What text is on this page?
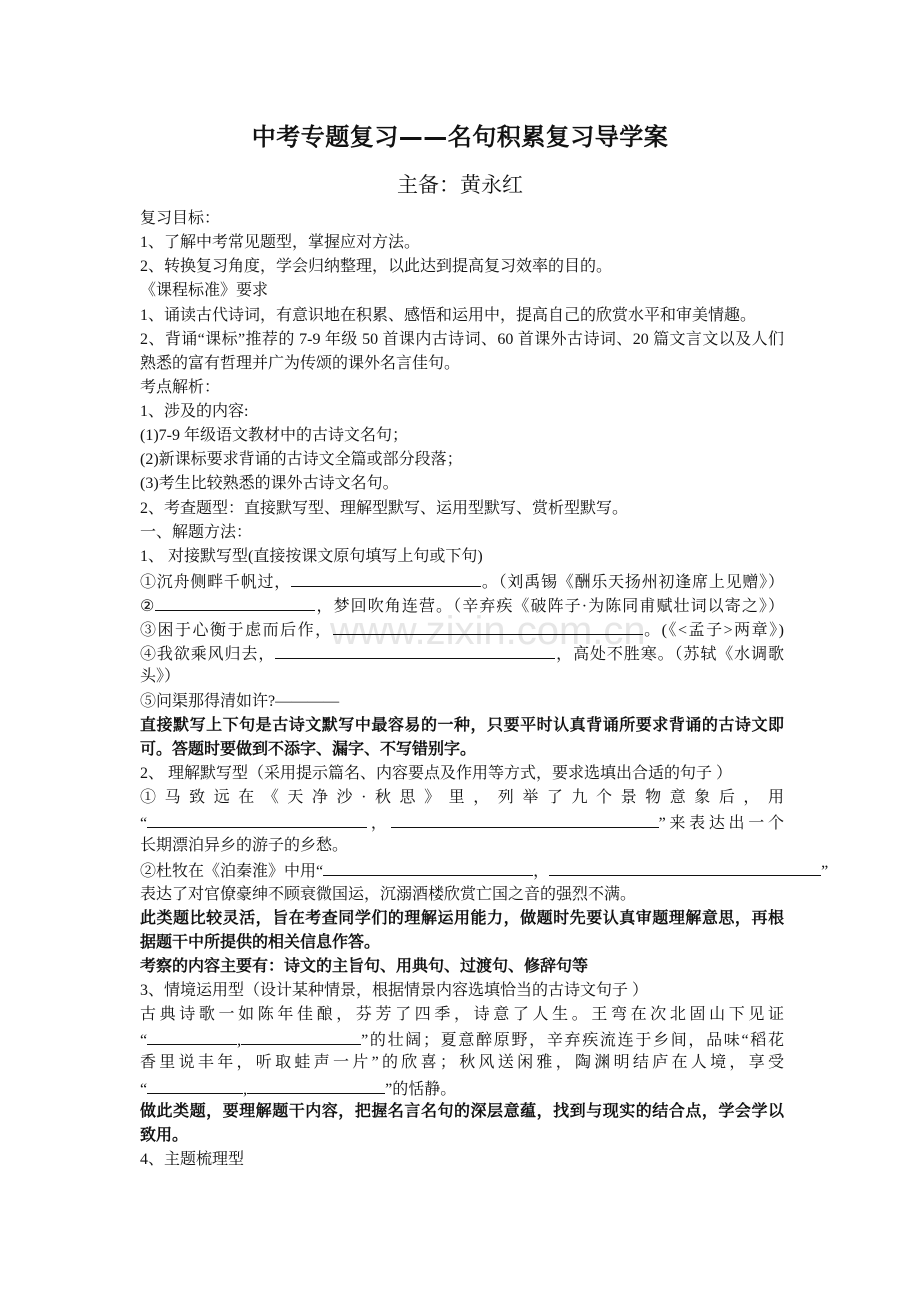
www.zixin.com.cn
中考专题复习——名句积累复习导学案
主备：黄永红
复习目标：
1、了解中考常见题型，掌握应对方法。
2、转换复习角度，学会归纳整理，以此达到提高复习效率的目的。
《课程标准》要求
1、诵读古代诗词，有意识地在积累、感悟和运用中，提高自己的欣赏水平和审美情趣。
2、背诵“课标”推荐的 7-9 年级 50 首课内古诗词、60 首课外古诗词、20 篇文言文以及人们
熟悉的富有哲理并广为传颂的课外名言佳句。
考点解析：
1、涉及的内容:
(1)7-9 年级语文教材中的古诗文名句；
(2)新课标要求背诵的古诗文全篇或部分段落；
(3)考生比较熟悉的课外古诗文名句。
2、考查题型：直接默写型、理解型默写、运用型默写、赏析型默写。
一、解题方法：
1、 对接默写型(直接按课文原句填写上句或下句)
①沉舟侧畔千帆过，	。（刘禹锡《酬乐天扬州初逢席上见赠》）
②	，梦回吹角连营。（辛弃疾《破阵子·为陈同甫赋壮词以寄之》）
③困于心衡于虑而后作，	。(《<孟子>两章》)
④我欲乘风归去，	，高处不胜寒。（苏轼《水调歌
头》）
⑤问渠那得清如许?————
直接默写上下句是古诗文默写中最容易的一种，只要平时认真背诵所要求背诵的古诗文即
可。答题时要做到不添字、漏字、不写错别字。
2、 理解默写型（采用提示篇名、内容要点及作用等方式，要求选填出合适的句子 ）
①马致远在《天净沙·秋思》里，列举了九个景物意象后，用
“	，	”来表达出一个
长期漂泊异乡的游子的乡愁。
②杜牧在《泊秦淮》中用“	，	”
表达了对官僚豪绅不顾衰微国运，沉溺酒楼欣赏亡国之音的强烈不满。
此类题比较灵活，旨在考查同学们的理解运用能力，做题时先要认真审题理解意思，再根
据题干中所提供的相关信息作答。
考察的内容主要有：诗文的主旨句、用典句、过渡句、修辞句等
3、情境运用型（设计某种情景，根据情景内容选填恰当的古诗文句子 ）
古典诗歌一如陈年佳酿，芬芳了四季，诗意了人生。王弯在次北固山下见证
“	,	”的壮阔；夏意醉原野，辛弃疾流连于乡间，品味“稻花
香里说丰年，听取蛙声一片”的欣喜；秋风送闲雅，陶渊明结庐在人境，享受
“	,	”的恬静。
做此类题，要理解题干内容，把握名言名句的深层意蕴，找到与现实的结合点，学会学以
致用。
4、主题梳理型
